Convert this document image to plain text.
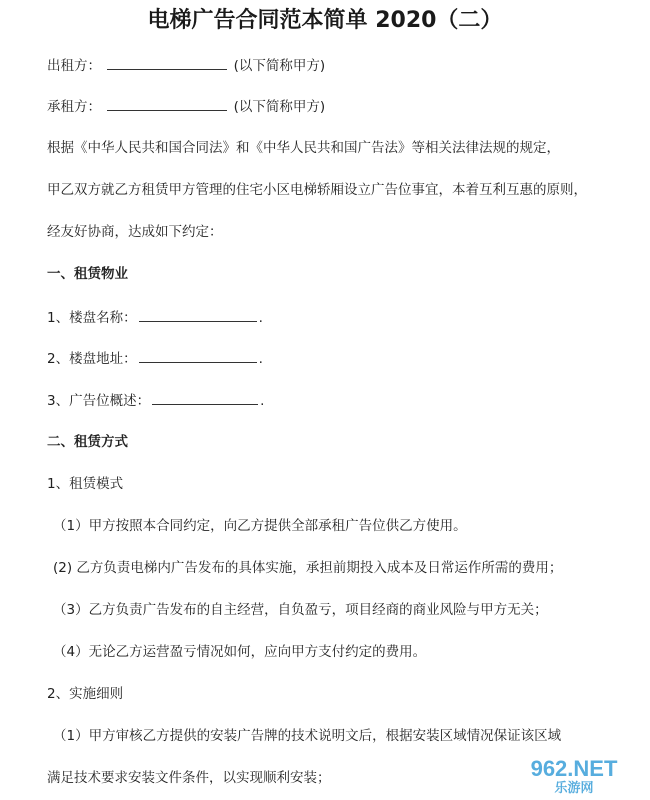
电梯广告合同范本简单 2020（二）
出租方：	(以下简称甲方)
承租方：	(以下简称甲方)
根据《中华人民共和国合同法》和《中华人民共和国广告法》等相关法律法规的规定，
甲乙双方就乙方租赁甲方管理的住宅小区电梯轿厢设立广告位事宜，本着互利互惠的原则，
经友好协商，达成如下约定：
一、租赁物业
1、楼盘名称：	.
2、楼盘地址：	.
3、广告位概述：	.
二、租赁方式
1、租赁模式
（1）甲方按照本合同约定，向乙方提供全部承租广告位供乙方使用。
(2) 乙方负责电梯内广告发布的具体实施，承担前期投入成本及日常运作所需的费用；
（3）乙方负责广告发布的自主经营，自负盈亏，项目经商的商业风险与甲方无关；
（4）无论乙方运营盈亏情况如何，应向甲方支付约定的费用。
2、实施细则
（1）甲方审核乙方提供的安装广告牌的技术说明文后，根据安装区域情况保证该区域
满足技术要求安装文件条件，以实现顺利安装；	962.NET
乐游网
